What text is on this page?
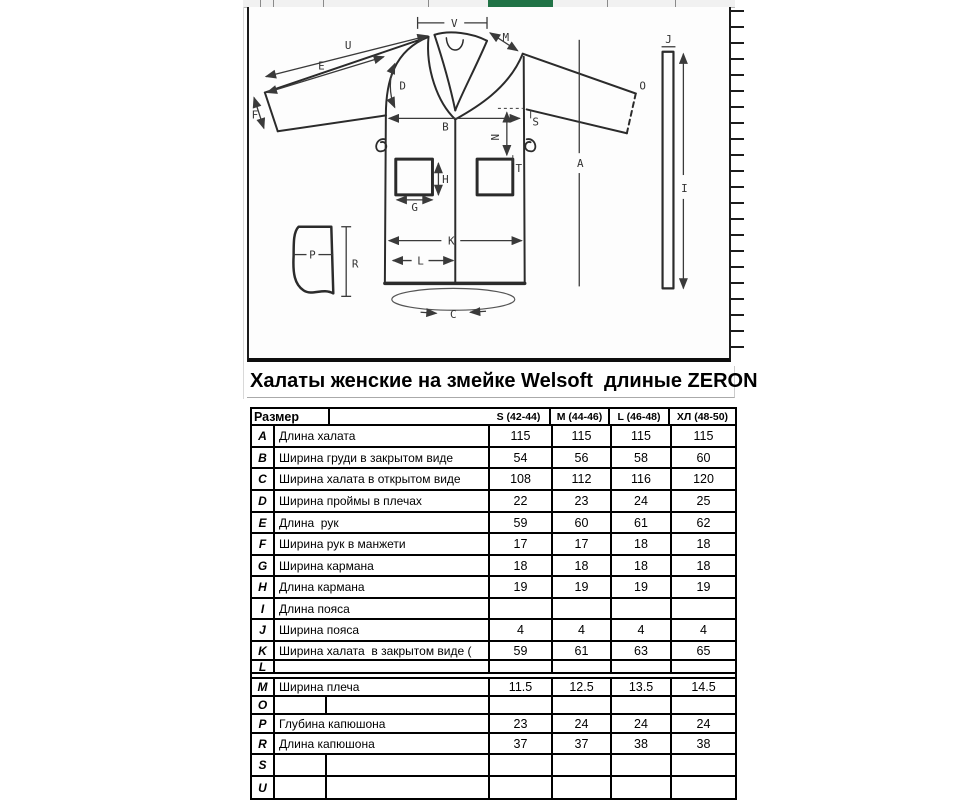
V
M
U
E
F
D
B	S
N
T
H
G
K
L
C
A
O
P
R
J
I
Халаты женские на змейке Welsoft  длиные ZERON
Размер	S (42-44)	M (44-46)	L (46-48)	ХЛ (48-50)
A	Длина халата	115	115	115	115
B	Ширина груди в закрытом виде	54	56	58	60
C	Ширина халата в открытом виде	108	112	116	120
D	Ширина проймы в плечах	22	23	24	25
E	Длина  рук	59	60	61	62
F	Ширина рук в манжети	17	17	18	18
G Ширина кармана	18	18	18	18
H	Длина кармана	19	19	19	19
I	Длина пояса
J	Ширина пояса	4	4	4	4
K	Ширина халата  в закрытом виде (	59	61	63	65
L
M Ширина плеча	11.5	12.5	13.5	14.5
O
P	Глубина капюшона	23	24	24	24
R	Длина капюшона	37	37	38	38
S
U
